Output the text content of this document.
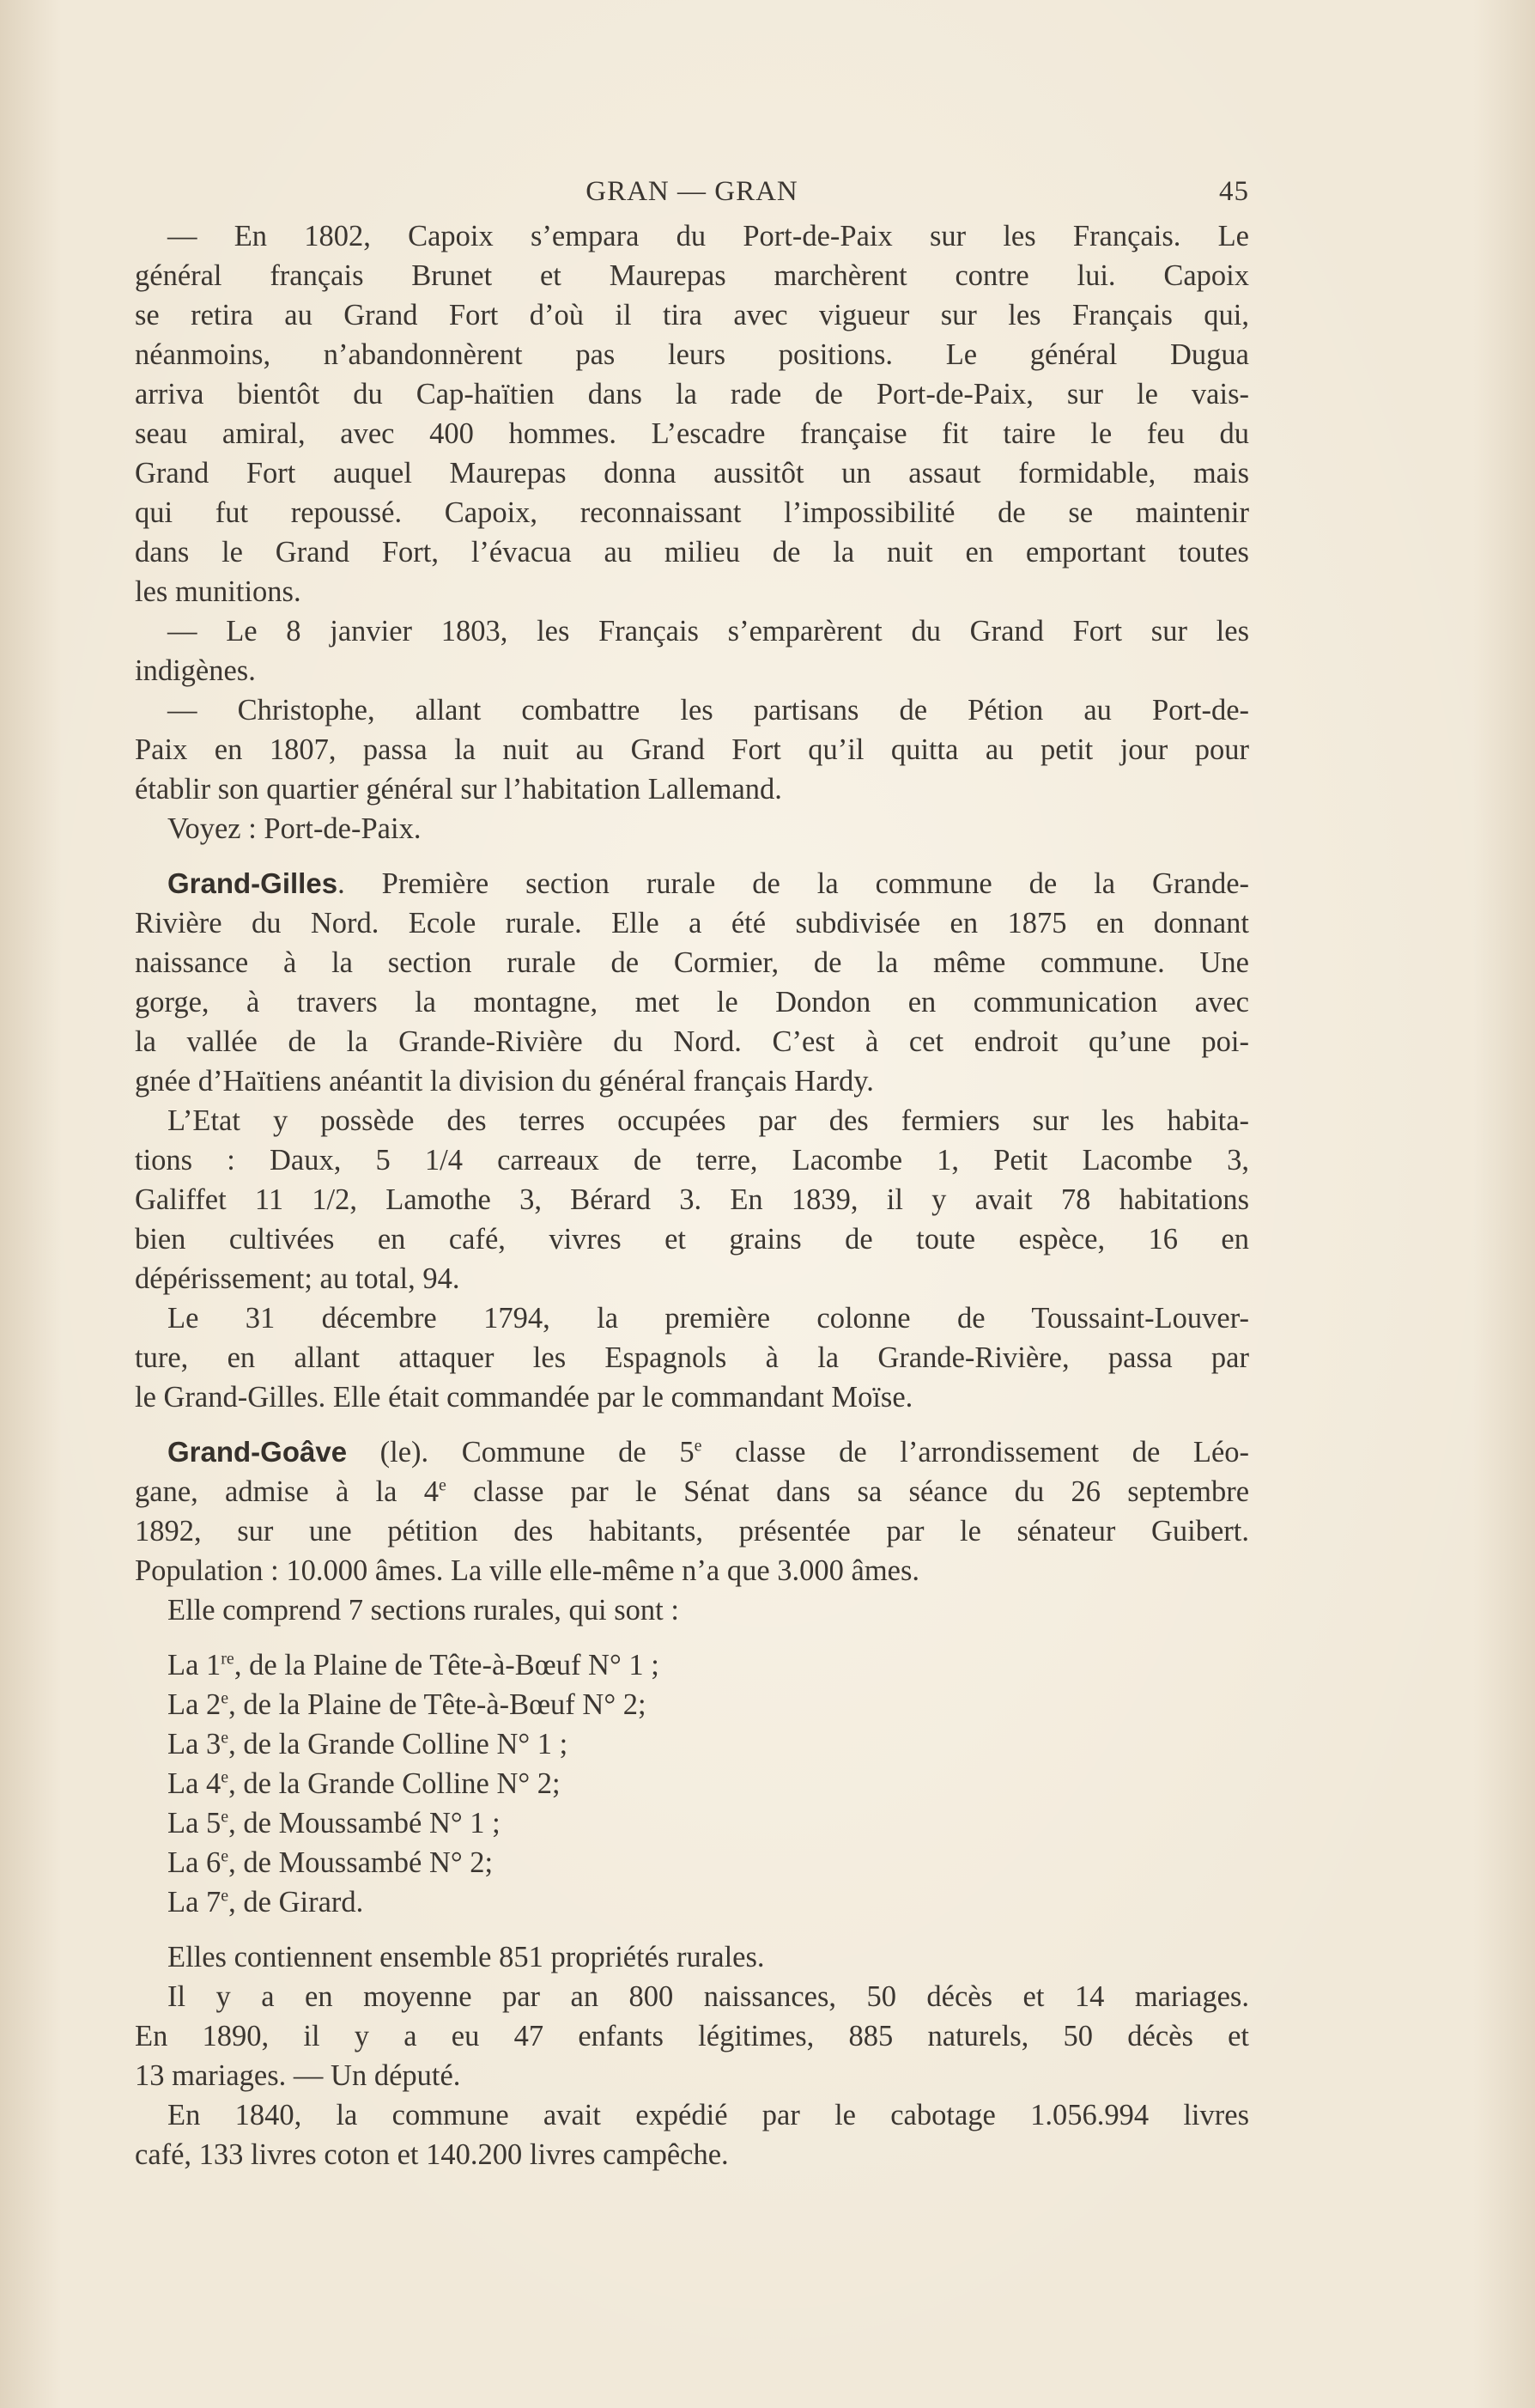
GRAN — GRAN	45
— En 1802, Capoix s’empara du Port-de-Paix sur les Français. Le
général français Brunet et Maurepas marchèrent contre lui. Capoix
se retira au Grand Fort d’où il tira avec vigueur sur les Français qui,
néanmoins, n’abandonnèrent pas leurs positions. Le général Dugua
arriva bientôt du Cap-haïtien dans la rade de Port-de-Paix, sur le vais-
seau amiral, avec 400 hommes. L’escadre française fit taire le feu du
Grand Fort auquel Maurepas donna aussitôt un assaut formidable, mais
qui fut repoussé. Capoix, reconnaissant l’impossibilité de se maintenir
dans le Grand Fort, l’évacua au milieu de la nuit en emportant toutes
les munitions.
— Le 8 janvier 1803, les Français s’emparèrent du Grand Fort sur les
indigènes.
— Christophe, allant combattre les partisans de Pétion au Port-de-
Paix en 1807, passa la nuit au Grand Fort qu’il quitta au petit jour pour
établir son quartier général sur l’habitation Lallemand.
Voyez : Port-de-Paix.
Grand-Gilles. Première section rurale de la commune de la Grande-
Rivière du Nord. Ecole rurale. Elle a été subdivisée en 1875 en donnant
naissance à la section rurale de Cormier, de la même commune. Une
gorge, à travers la montagne, met le Dondon en communication avec
la vallée de la Grande-Rivière du Nord. C’est à cet endroit qu’une poi-
gnée d’Haïtiens anéantit la division du général français Hardy.
L’Etat y possède des terres occupées par des fermiers sur les habita-
tions : Daux, 5 1/4 carreaux de terre, Lacombe 1, Petit Lacombe 3,
Galiffet 11 1/2, Lamothe 3, Bérard 3. En 1839, il y avait 78 habitations
bien cultivées en café, vivres et grains de toute espèce, 16 en
dépérissement; au total, 94.
Le 31 décembre 1794, la première colonne de Toussaint-Louver-
ture, en allant attaquer les Espagnols à la Grande-Rivière, passa par
le Grand-Gilles. Elle était commandée par le commandant Moïse.
Grand-Goâve (le). Commune de 5e classe de l’arrondissement de Léo-
gane, admise à la 4e classe par le Sénat dans sa séance du 26 septembre
1892, sur une pétition des habitants, présentée par le sénateur Guibert.
Population : 10.000 âmes. La ville elle-même n’a que 3.000 âmes.
Elle comprend 7 sections rurales, qui sont :
La 1re, de la Plaine de Tête-à-Bœuf N° 1 ;
La 2e, de la Plaine de Tête-à-Bœuf N° 2;
La 3e, de la Grande Colline N° 1 ;
La 4e, de la Grande Colline N° 2;
La 5e, de Moussambé N° 1 ;
La 6e, de Moussambé N° 2;
La 7e, de Girard.
Elles contiennent ensemble 851 propriétés rurales.
Il y a en moyenne par an 800 naissances, 50 décès et 14 mariages.
En 1890, il y a eu 47 enfants légitimes, 885 naturels, 50 décès et
13 mariages. — Un député.
En 1840, la commune avait expédié par le cabotage 1.056.994 livres
café, 133 livres coton et 140.200 livres campêche.
